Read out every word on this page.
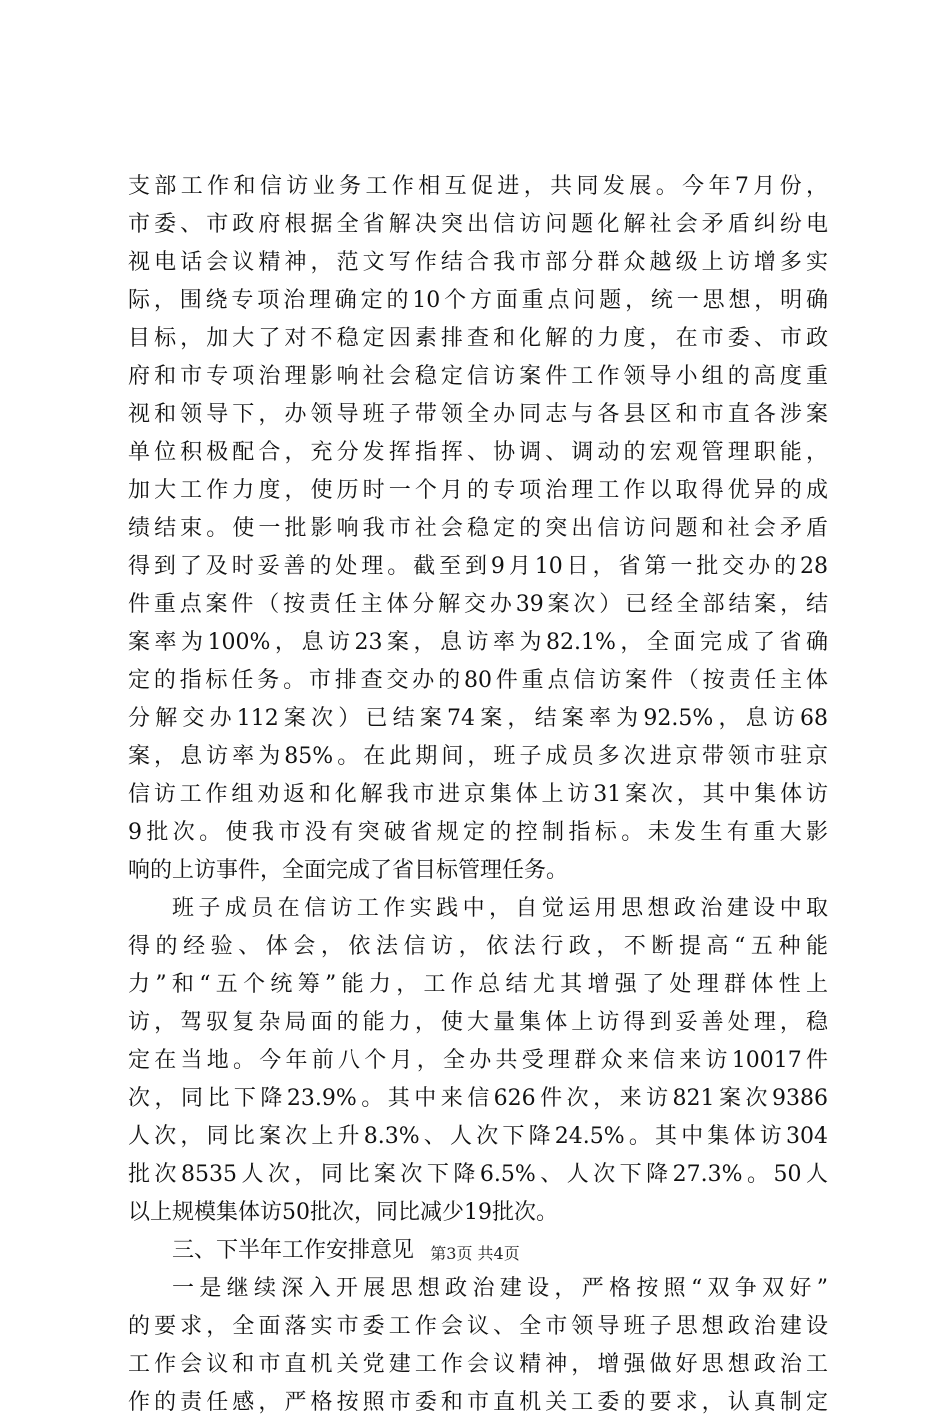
支部工作和信访业务工作相互促进，共同发展。今年7月份，
市委、市政府根据全省解决突出信访问题化解社会矛盾纠纷电
视电话会议精神，范文写作结合我市部分群众越级上访增多实
际，围绕专项治理确定的10个方面重点问题，统一思想，明确
目标，加大了对不稳定因素排查和化解的力度，在市委、市政
府和市专项治理影响社会稳定信访案件工作领导小组的高度重
视和领导下，办领导班子带领全办同志与各县区和市直各涉案
单位积极配合，充分发挥指挥、协调、调动的宏观管理职能，
加大工作力度，使历时一个月的专项治理工作以取得优异的成
绩结束。使一批影响我市社会稳定的突出信访问题和社会矛盾
得到了及时妥善的处理。截至到9月10日，省第一批交办的28
件重点案件（按责任主体分解交办39案次）已经全部结案，结
案率为100%，息访23案，息访率为82.1%，全面完成了省确
定的指标任务。市排查交办的80件重点信访案件（按责任主体
分解交办112案次）已结案74案，结案率为92.5%，息访68
案，息访率为85%。在此期间，班子成员多次进京带领市驻京
信访工作组劝返和化解我市进京集体上访31案次，其中集体访
9批次。使我市没有突破省规定的控制指标。未发生有重大影
响的上访事件，全面完成了省目标管理任务。
班子成员在信访工作实践中，自觉运用思想政治建设中取
得的经验、体会，依法信访，依法行政，不断提高“五种能
力”和“五个统筹”能力，工作总结尤其增强了处理群体性上
访，驾驭复杂局面的能力，使大量集体上访得到妥善处理，稳
定在当地。今年前八个月，全办共受理群众来信来访10017件
次，同比下降23.9%。其中来信626件次，来访821案次9386
人次，同比案次上升8.3%、人次下降24.5%。其中集体访304
批次8535人次，同比案次下降6.5%、人次下降27.3%。50人
以上规模集体访50批次，同比减少19批次。
三、下半年工作安排意见
一是继续深入开展思想政治建设，严格按照“双争双好”
的要求，全面落实市委工作会议、全市领导班子思想政治建设
工作会议和市直机关党建工作会议精神，增强做好思想政治工
作的责任感，严格按照市委和市直机关工委的要求，认真制定
第3页 共4页
